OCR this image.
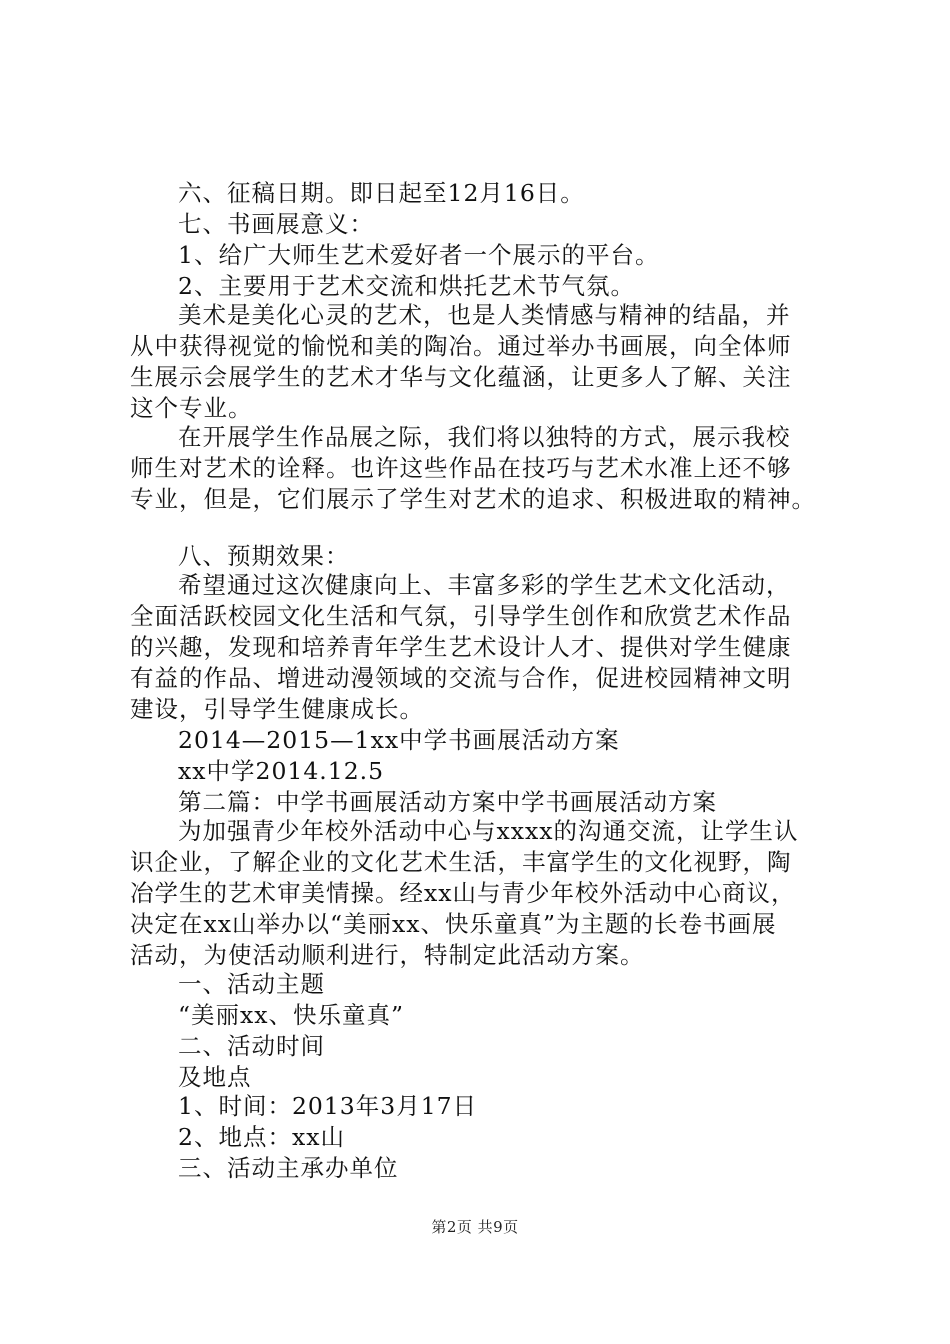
六、征稿日期。即日起至12月16日。
七、书画展意义：
1、给广大师生艺术爱好者一个展示的平台。
2、主要用于艺术交流和烘托艺术节气氛。
美术是美化心灵的艺术，也是人类情感与精神的结晶，并
从中获得视觉的愉悦和美的陶冶。通过举办书画展，向全体师
生展示会展学生的艺术才华与文化蕴涵，让更多人了解、关注
这个专业。
在开展学生作品展之际，我们将以独特的方式，展示我校
师生对艺术的诠释。也许这些作品在技巧与艺术水准上还不够
专业，但是，它们展示了学生对艺术的追求、积极进取的精神。
八、预期效果：
希望通过这次健康向上、丰富多彩的学生艺术文化活动，
全面活跃校园文化生活和气氛，引导学生创作和欣赏艺术作品
的兴趣，发现和培养青年学生艺术设计人才、提供对学生健康
有益的作品、增进动漫领域的交流与合作，促进校园精神文明
建设，引导学生健康成长。
2014—2015—1xx中学书画展活动方案
xx中学2014.12.5
第二篇：中学书画展活动方案中学书画展活动方案
为加强青少年校外活动中心与xxxx的沟通交流，让学生认
识企业，了解企业的文化艺术生活，丰富学生的文化视野，陶
冶学生的艺术审美情操。经xx山与青少年校外活动中心商议，
决定在xx山举办以“美丽xx、快乐童真”为主题的长卷书画展
活动，为使活动顺利进行，特制定此活动方案。
一、活动主题
“美丽xx、快乐童真”
二、活动时间
及地点
1、时间：2013年3月17日
2、地点：xx山
三、活动主承办单位
第2页 共9页
